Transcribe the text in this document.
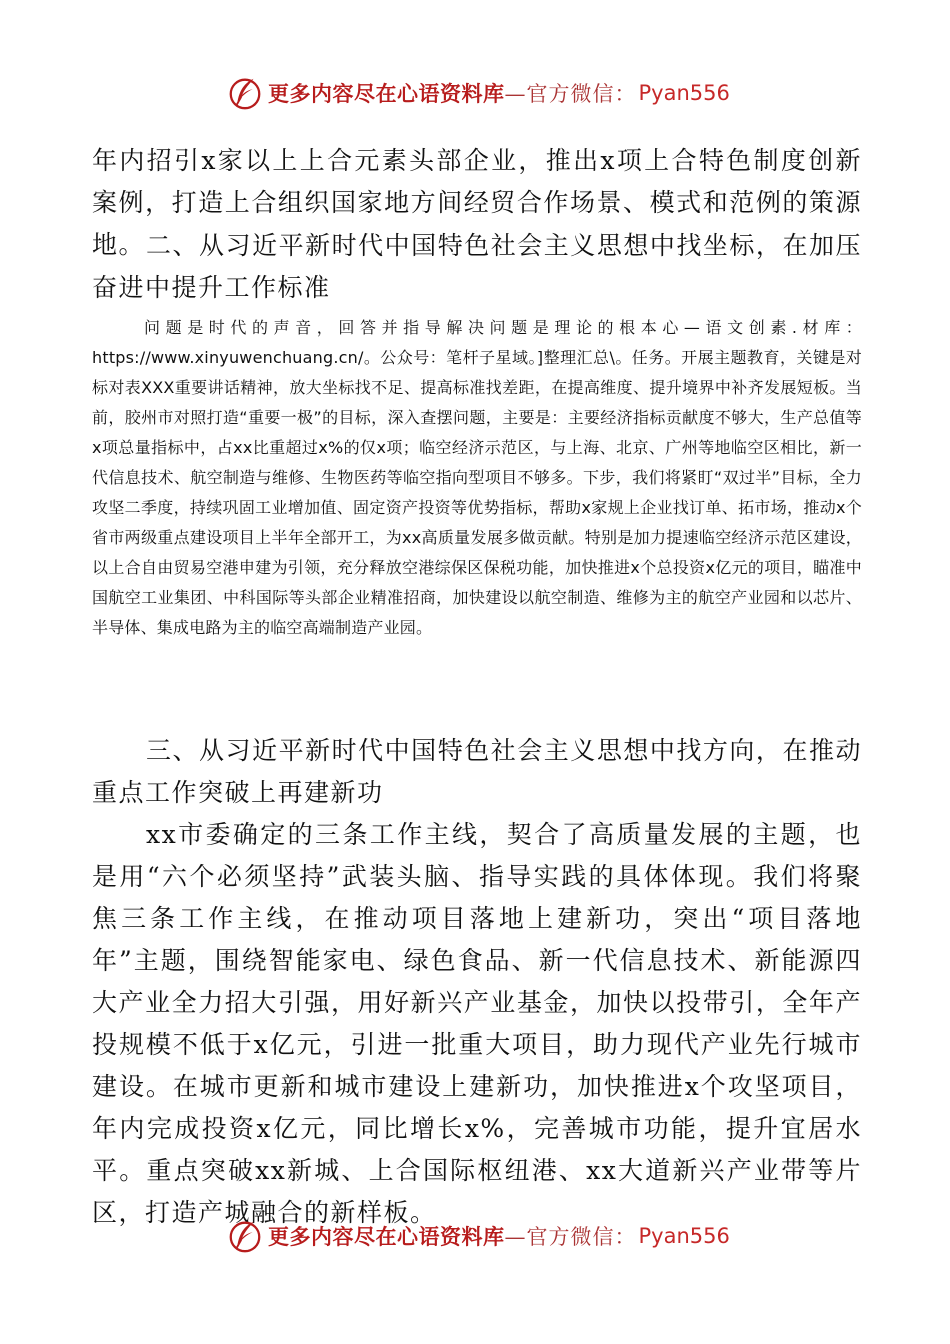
更多内容尽在心语资料库 —官方微信： Pyan556

年内招引x家以上上合元素头部企业，推出x项上合特色制度创新案例，打造上合组织国家地方间经贸合作场景、模式和范例的策源地。 二、从习近平新时代中国特色社会主义思想中找坐标，在加压奋进中提升工作标准

问题是时代的声音，回答并指导解决问题是理论的根本心—语文创素.材库：https://www.xinyuwenchuang.cn/。公众号：笔杆子星域。]整理汇总\。任务。开展主题教育，关键是对标对表XXX重要讲话精神，放大坐标找不足、提高标准找差距，在提高维度、提升境界中补齐发展短板。当前，胶州市对照打造“重要一极”的目标，深入查摆问题，主要是：主要经济指标贡献度不够大，生产总值等x项总量指标中，占xx比重超过x%的仅x项；临空经济示范区，与上海、北京、广州等地临空区相比，新一代信息技术、航空制造与维修、生物医药等临空指向型项目不够多。下步，我们将紧盯“双过半”目标，全力攻坚二季度，持续巩固工业增加值、固定资产投资等优势指标，帮助x家规上企业找订单、拓市场，推动x个省市两级重点建设项目上半年全部开工，为xx高质量发展多做贡献。特别是加力提速临空经济示范区建设，以上合自由贸易空港申建为引领，充分释放空港综保区保税功能，加快推进x个总投资x亿元的项目，瞄准中国航空工业集团、中科国际等头部企业精准招商，加快建设以航空制造、维修为主的航空产业园和以芯片、半导体、集成电路为主的临空高端制造产业园。

三、从习近平新时代中国特色社会主义思想中找方向，在推动重点工作突破上再建新功

xx市委确定的三条工作主线，契合了高质量发展的主题，也是用“六个必须坚持”武装头脑、指导实践的具体体现。我们将聚焦三条工作主线，在推动项目落地上建新功，突出“项目落地年”主题，围绕智能家电、绿色食品、新一代信息技术、新能源四大产业全力招大引强，用好新兴产业基金，加快以投带引，全年产投规模不低于x亿元，引进一批重大项目，助力现代产业先行城市建设。在城市更新和城市建设上建新功，加快推进x个攻坚项目，年内完成投资x亿元，同比增长x%，完善城市功能，提升宜居水平。重点突破xx新城、上合国际枢纽港、xx大道新兴产业带等片区，打造产城融合的新样板。

更多内容尽在心语资料库 —官方微信： Pyan556
